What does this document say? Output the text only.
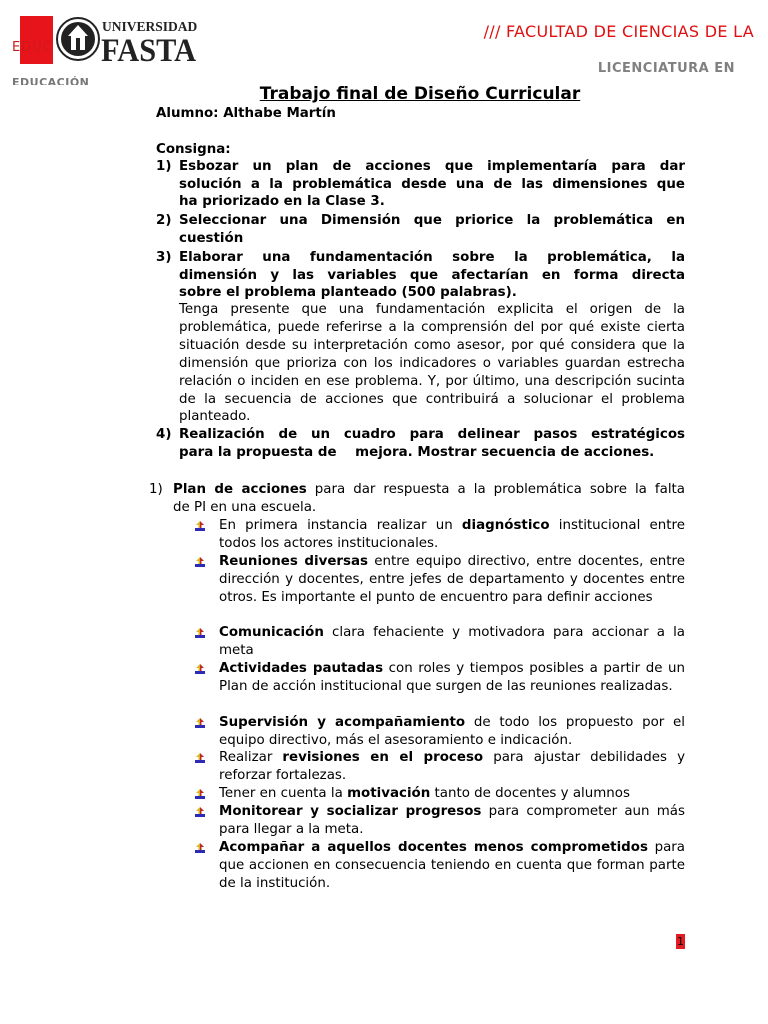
EDUC
EDUCACIÓN
UNIVERSIDAD
FASTA
/// FACULTAD DE CIENCIAS DE LA
LICENCIATURA EN
Trabajo final de Diseño Curricular
Alumno: Althabe Martín
Consigna:
1) Esbozar un plan de acciones que implementaría para dar
solución a la problemática desde una de las dimensiones que
ha priorizado en la Clase 3.
2) Seleccionar una Dimensión que priorice la problemática en
cuestión
3) Elaborar una fundamentación sobre la problemática, la
dimensión y las variables que afectarían en forma directa
sobre el problema planteado (500 palabras).
4) Realización de un cuadro para delinear pasos estratégicos
para la propuesta de    mejora. Mostrar secuencia de acciones.
Tenga presente que una fundamentación explicita el origen de la problemática, puede referirse a la comprensión del por qué existe cierta situación desde su interpretación como asesor, por qué considera que la dimensión que prioriza con los indicadores o variables guardan estrecha relación o inciden en ese problema. Y, por último, una descripción sucinta de la secuencia de acciones que contribuirá a solucionar el problema planteado.
1) Plan de acciones para dar respuesta a la problemática sobre la falta
de PI en una escuela.
En primera instancia realizar un diagnóstico institucional entre todos los actores institucionales.
Reuniones diversas entre equipo directivo, entre docentes, entre dirección y docentes, entre jefes de departamento y docentes entre otros. Es importante el punto de encuentro para definir acciones
Comunicación clara fehaciente y motivadora para accionar a la meta
Actividades pautadas con roles y tiempos posibles a partir de un Plan de acción institucional que surgen de las reuniones realizadas.
Supervisión y acompañamiento de todo los propuesto por el equipo directivo, más el asesoramiento e indicación.
Realizar revisiones en el proceso para ajustar debilidades y reforzar fortalezas.
Tener en cuenta la motivación tanto de docentes y alumnos
Monitorear y socializar progresos para comprometer aun más para llegar a la meta.
Acompañar a aquellos docentes menos comprometidos para que accionen en consecuencia teniendo en cuenta que forman parte de la institución.
1
